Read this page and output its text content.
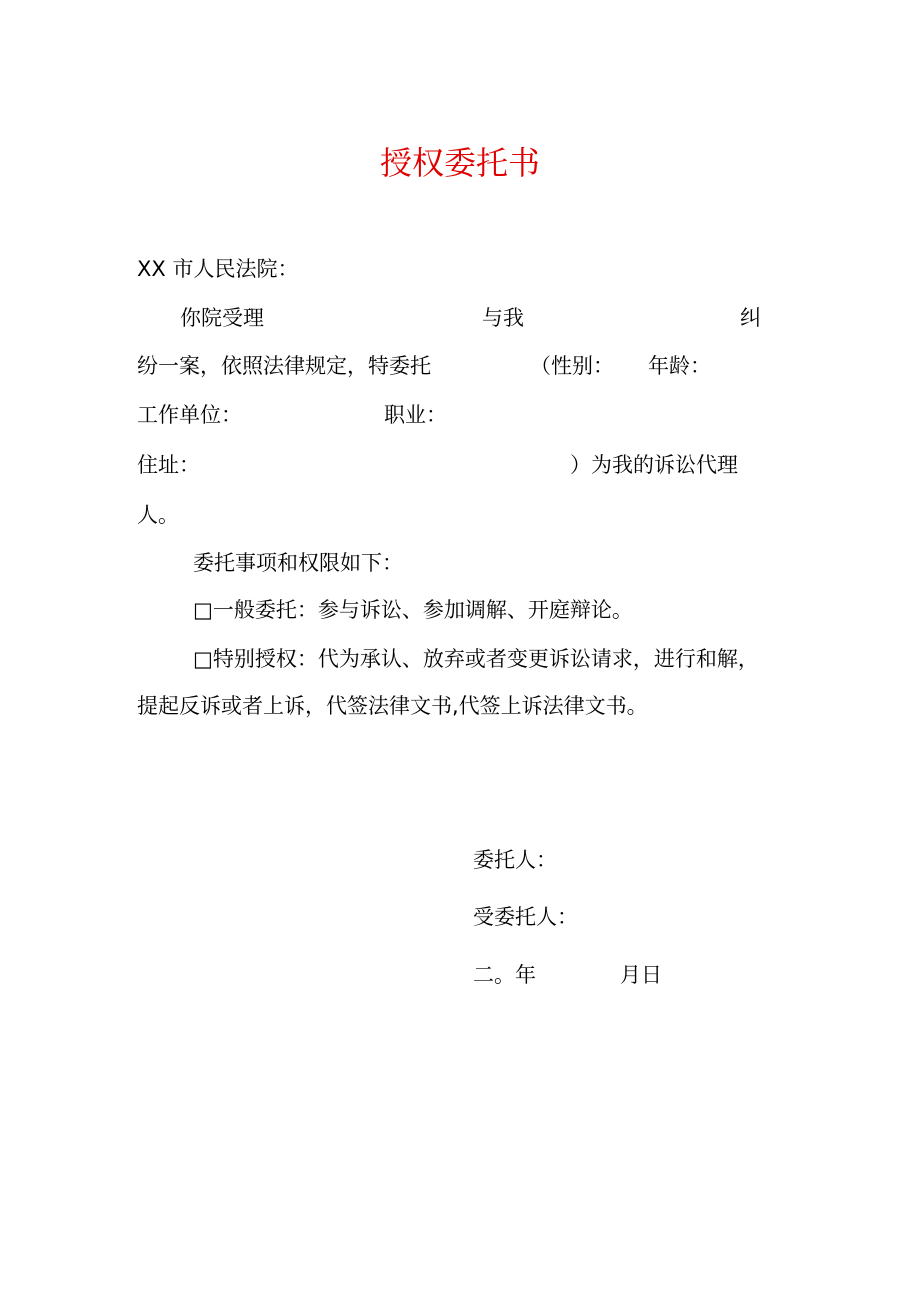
授权委托书
XX 市人民法院：
你院受理	与我	纠
纷一案，依照法律规定，特委托	（性别： 年龄：
工作单位：	职业：
住址：	）为我的诉讼代理
人。
委托事项和权限如下：
□一般委托：参与诉讼、参加调解、开庭辩论。
□特别授权：代为承认、放弃或者变更诉讼请求，进行和解，
提起反诉或者上诉，代签法律文书,代签上诉法律文书。
委托人：
受委托人：
二。年	月日
